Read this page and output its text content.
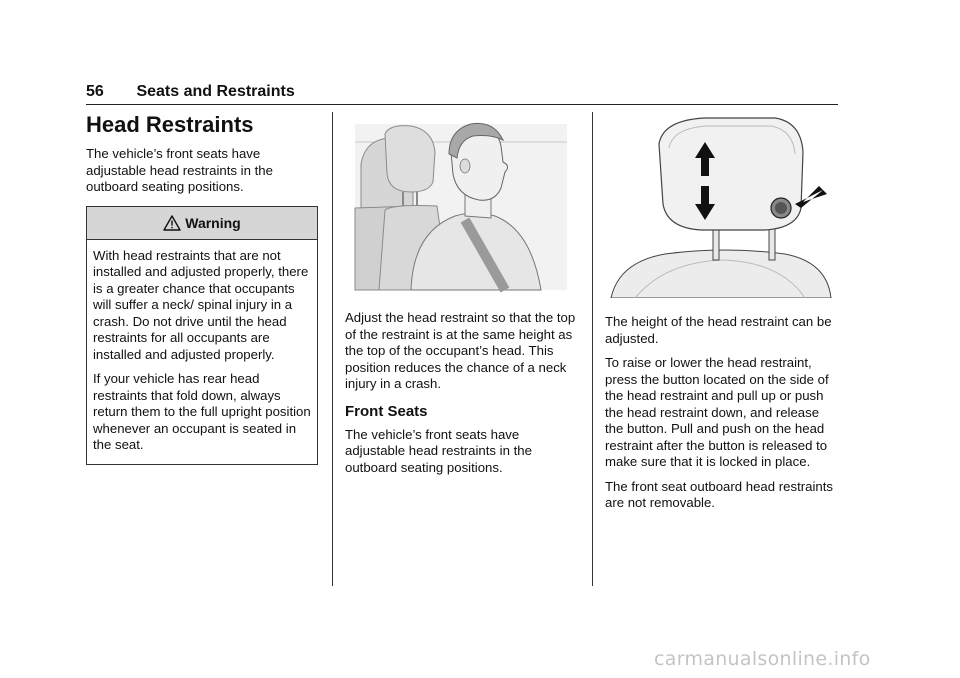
56 Seats and Restraints
Head Restraints

The vehicle’s front seats have adjustable head restraints in the outboard seating positions.

Warning

With head restraints that are not installed and adjusted properly, there is a greater chance that occupants will suffer a neck/ spinal injury in a crash. Do not drive until the head restraints for all occupants are installed and adjusted properly.

If your vehicle has rear head restraints that fold down, always return them to the full upright position whenever an occupant is seated in the seat.

Adjust the head restraint so that the top of the restraint is at the same height as the top of the occupant’s head. This position reduces the chance of a neck injury in a crash.

Front Seats

The vehicle’s front seats have adjustable head restraints in the outboard seating positions.

The height of the head restraint can be adjusted.

To raise or lower the head restraint, press the button located on the side of the head restraint and pull up or push the head restraint down, and release the button. Pull and push on the head restraint after the button is released to make sure that it is locked in place.

The front seat outboard head restraints are not removable.

carmanualsonline.info
